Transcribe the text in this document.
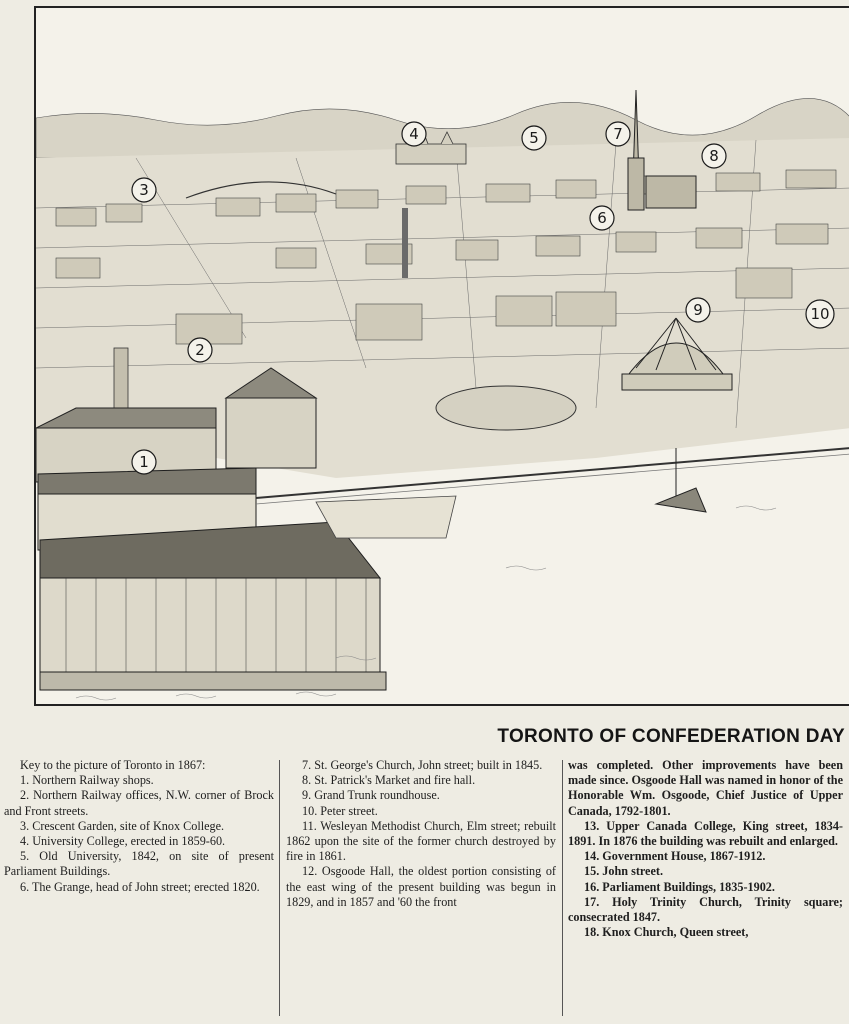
1
2
3
4	5
6
7
8
9	10
TORONTO OF CONFEDERATION DAY

Key to the picture of Toronto in 1867:

1. Northern Railway shops.

2. Northern Railway offices, N.W. corner of Brock and Front streets.

3. Crescent Garden, site of Knox College.

4. University College, erected in 1859-60.

5. Old University, 1842, on site of present Parliament Buildings.

6. The Grange, head of John street; erected 1820.

7. St. George's Church, John street; built in 1845.

8. St. Patrick's Market and fire hall.

9. Grand Trunk roundhouse.

10. Peter street.

11. Wesleyan Methodist Church, Elm street; rebuilt 1862 upon the site of the former church destroyed by fire in 1861.

12. Osgoode Hall, the oldest portion consisting of the east wing of the present building was begun in 1829, and in 1857 and '60 the front

was completed. Other improvements have been made since. Osgoode Hall was named in honor of the Honorable Wm. Osgoode, Chief Justice of Upper Canada, 1792-1801.

13. Upper Canada College, King street, 1834-1891. In 1876 the building was rebuilt and enlarged.

14. Government House, 1867-1912.

15. John street.

16. Parliament Buildings, 1835-1902.

17. Holy Trinity Church, Trinity square; consecrated 1847.

18. Knox Church, Queen street,
